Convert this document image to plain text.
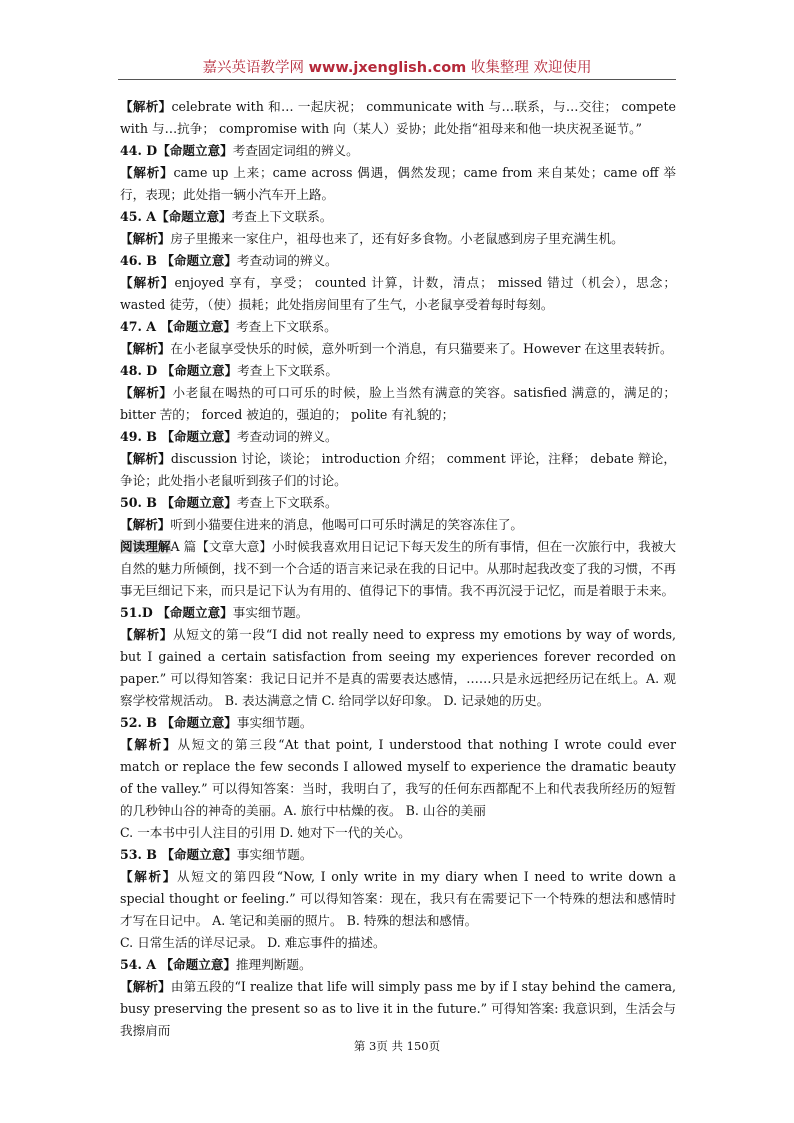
嘉兴英语教学网 www.jxenglish.com 收集整理 欢迎使用

【解析】celebrate with 和… 一起庆祝； communicate with 与…联系，与…交往； compete with 与…抗争； compromise with 向（某人）妥协；此处指“祖母来和他一块庆祝圣诞节。”

44. D【命题立意】考查固定词组的辨义。

【解析】came up 上来；came across 偶遇，偶然发现；came from 来自某处；came off 举行，表现；此处指一辆小汽车开上路。

45. A【命题立意】考查上下文联系。

【解析】房子里搬来一家住户，祖母也来了，还有好多食物。小老鼠感到房子里充满生机。

46. B 【命题立意】考查动词的辨义。

【解析】enjoyed 享有，享受； counted 计算，计数，清点； missed 错过（机会），思念； wasted 徒劳，（使）损耗；此处指房间里有了生气，小老鼠享受着每时每刻。

47. A 【命题立意】考查上下文联系。

【解析】在小老鼠享受快乐的时候，意外听到一个消息，有只猫要来了。However 在这里表转折。

48. D 【命题立意】考查上下文联系。

【解析】小老鼠在喝热的可口可乐的时候，脸上当然有满意的笑容。satisfied 满意的，满足的； bitter 苦的； forced 被迫的，强迫的； polite 有礼貌的；

49. B 【命题立意】考查动词的辨义。

【解析】discussion 讨论，谈论； introduction 介绍； comment 评论，注释； debate 辩论，争论；此处指小老鼠听到孩子们的讨论。

50. B 【命题立意】考查上下文联系。

【解析】听到小猫要住进来的消息，他喝可口可乐时满足的笑容冻住了。

阅读理解A 篇【文章大意】小时候我喜欢用日记记下每天发生的所有事情，但在一次旅行中，我被大自然的魅力所倾倒，找不到一个合适的语言来记录在我的日记中。从那时起我改变了我的习惯，不再事无巨细记下来，而只是记下认为有用的、值得记下的事情。我不再沉浸于记忆，而是着眼于未来。

51.D 【命题立意】事实细节题。

【解析】从短文的第一段“I did not really need to express my emotions by way of words, but I gained a certain satisfaction from seeing my experiences forever recorded on paper.” 可以得知答案：我记日记并不是真的需要表达感情，……只是永远把经历记在纸上。A. 观察学校常规活动。 B. 表达满意之情 C. 给同学以好印象。 D. 记录她的历史。

52. B 【命题立意】事实细节题。

【解析】从短文的第三段“At that point, I understood that nothing I wrote could ever match or replace the few seconds I allowed myself to experience the dramatic beauty of the valley.” 可以得知答案：当时，我明白了，我写的任何东西都配不上和代表我所经历的短暂的几秒钟山谷的神奇的美丽。A. 旅行中枯燥的夜。 B. 山谷的美丽

C. 一本书中引人注目的引用 D. 她对下一代的关心。

53. B 【命题立意】事实细节题。

【解析】从短文的第四段“Now, I only write in my diary when I need to write down a special thought or feeling.” 可以得知答案：现在，我只有在需要记下一个特殊的想法和感情时才写在日记中。 A. 笔记和美丽的照片。 B. 特殊的想法和感情。

C. 日常生活的详尽记录。 D. 难忘事件的描述。

54. A 【命题立意】推理判断题。

【解析】由第五段的“I realize that life will simply pass me by if I stay behind the camera, busy preserving the present so as to live it in the future.” 可得知答案: 我意识到，生活会与我擦肩而

第 3页 共 150页
